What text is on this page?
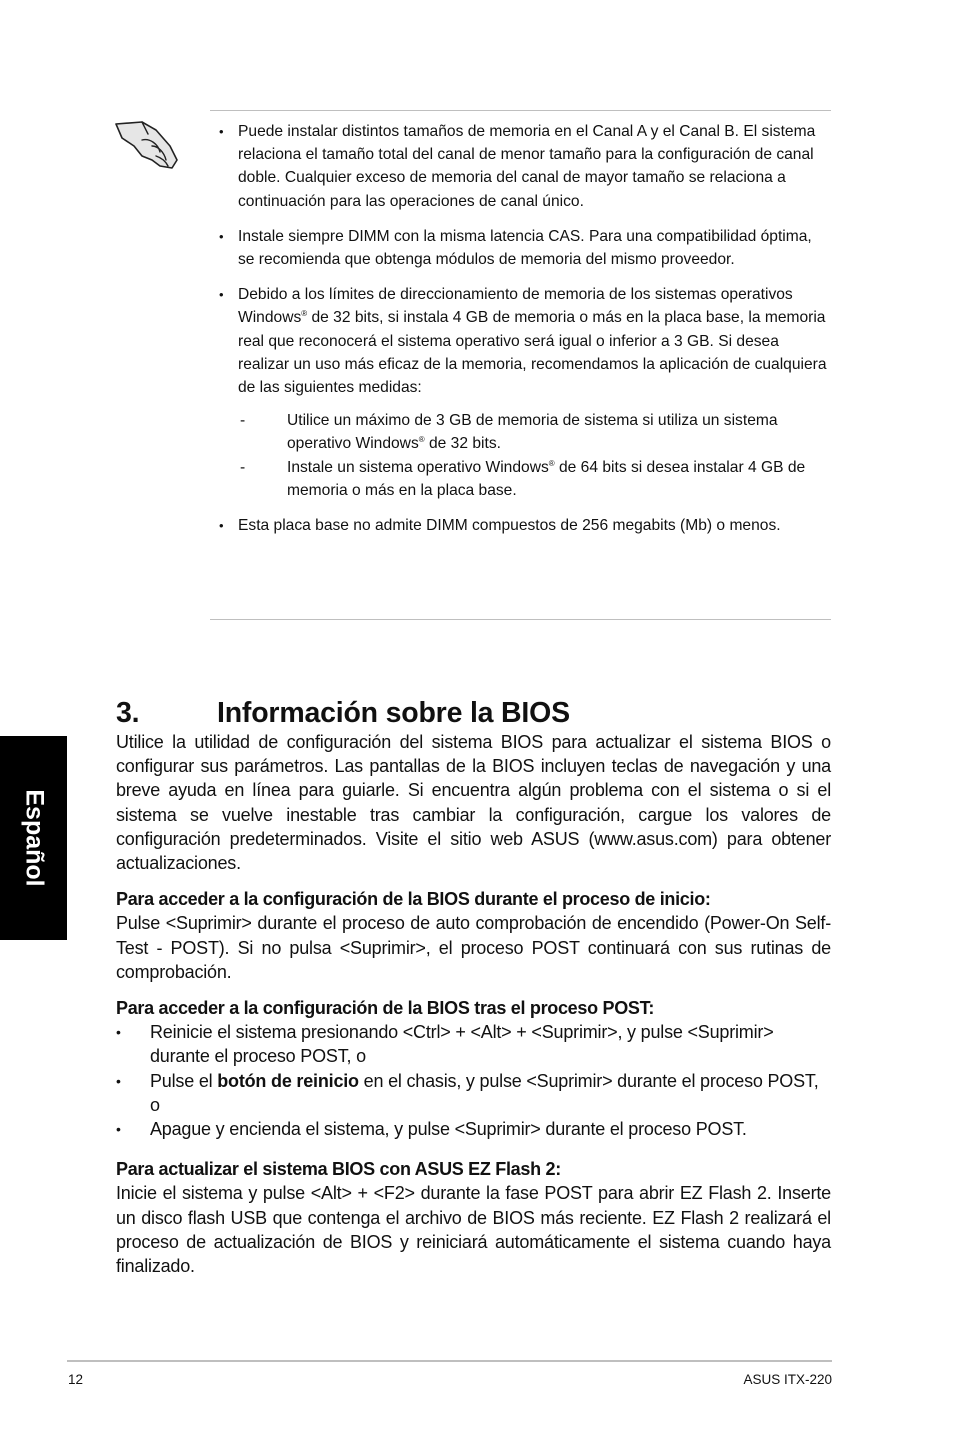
• Puede instalar distintos tamaños de memoria en el Canal A y el Canal B. El sistema relaciona el tamaño total del canal de menor tamaño para la configuración de canal doble. Cualquier exceso de memoria del canal de mayor tamaño se relaciona a continuación para las operaciones de canal único.
• Instale siempre DIMM con la misma latencia CAS. Para una compatibilidad óptima, se recomienda que obtenga módulos de memoria del mismo proveedor.
• Debido a los límites de direccionamiento de memoria de los sistemas operativos Windows® de 32 bits, si instala 4 GB de memoria o más en la placa base, la memoria real que reconocerá el sistema operativo será igual o inferior a 3 GB. Si desea realizar un uso más eficaz de la memoria, recomendamos la aplicación de cualquiera de las siguientes medidas:
-	Utilice un máximo de 3 GB de memoria de sistema si utiliza un sistema operativo Windows® de 32 bits.
-	Instale un sistema operativo Windows® de 64 bits si desea instalar 4 GB de memoria o más en la placa base.
• Esta placa base no admite DIMM compuestos de 256 megabits (Mb) o menos.
Español
3.	Información sobre la BIOS

Utilice la utilidad de configuración del sistema BIOS para actualizar el sistema BIOS o configurar sus parámetros. Las pantallas de la BIOS incluyen teclas de navegación y una breve ayuda en línea para guiarle. Si encuentra algún problema con el sistema o si el sistema se vuelve inestable tras cambiar la configuración, cargue los valores de configuración predeterminados. Visite el sitio web ASUS (www.asus.com) para obtener actualizaciones.

Para acceder a la configuración de la BIOS durante el proceso de inicio:

Pulse <Suprimir> durante el proceso de auto comprobación de encendido (Power-On Self-Test - POST). Si no pulsa <Suprimir>, el proceso POST continuará con sus rutinas de comprobación.

Para acceder a la configuración de la BIOS tras el proceso POST:
• Reinicie el sistema presionando <Ctrl> + <Alt> + <Suprimir>, y pulse <Suprimir> durante el proceso POST, o
• Pulse el botón de reinicio en el chasis, y pulse <Suprimir> durante el proceso POST, o
• Apague y encienda el sistema, y pulse <Suprimir> durante el proceso POST.
Para actualizar el sistema BIOS con ASUS EZ Flash 2:

Inicie el sistema y pulse <Alt> + <F2> durante la fase POST para abrir EZ Flash 2. Inserte un disco flash USB que contenga el archivo de BIOS más reciente. EZ Flash 2 realizará el proceso de actualización de BIOS y reiniciará automáticamente el sistema cuando haya finalizado.

12	ASUS ITX-220
